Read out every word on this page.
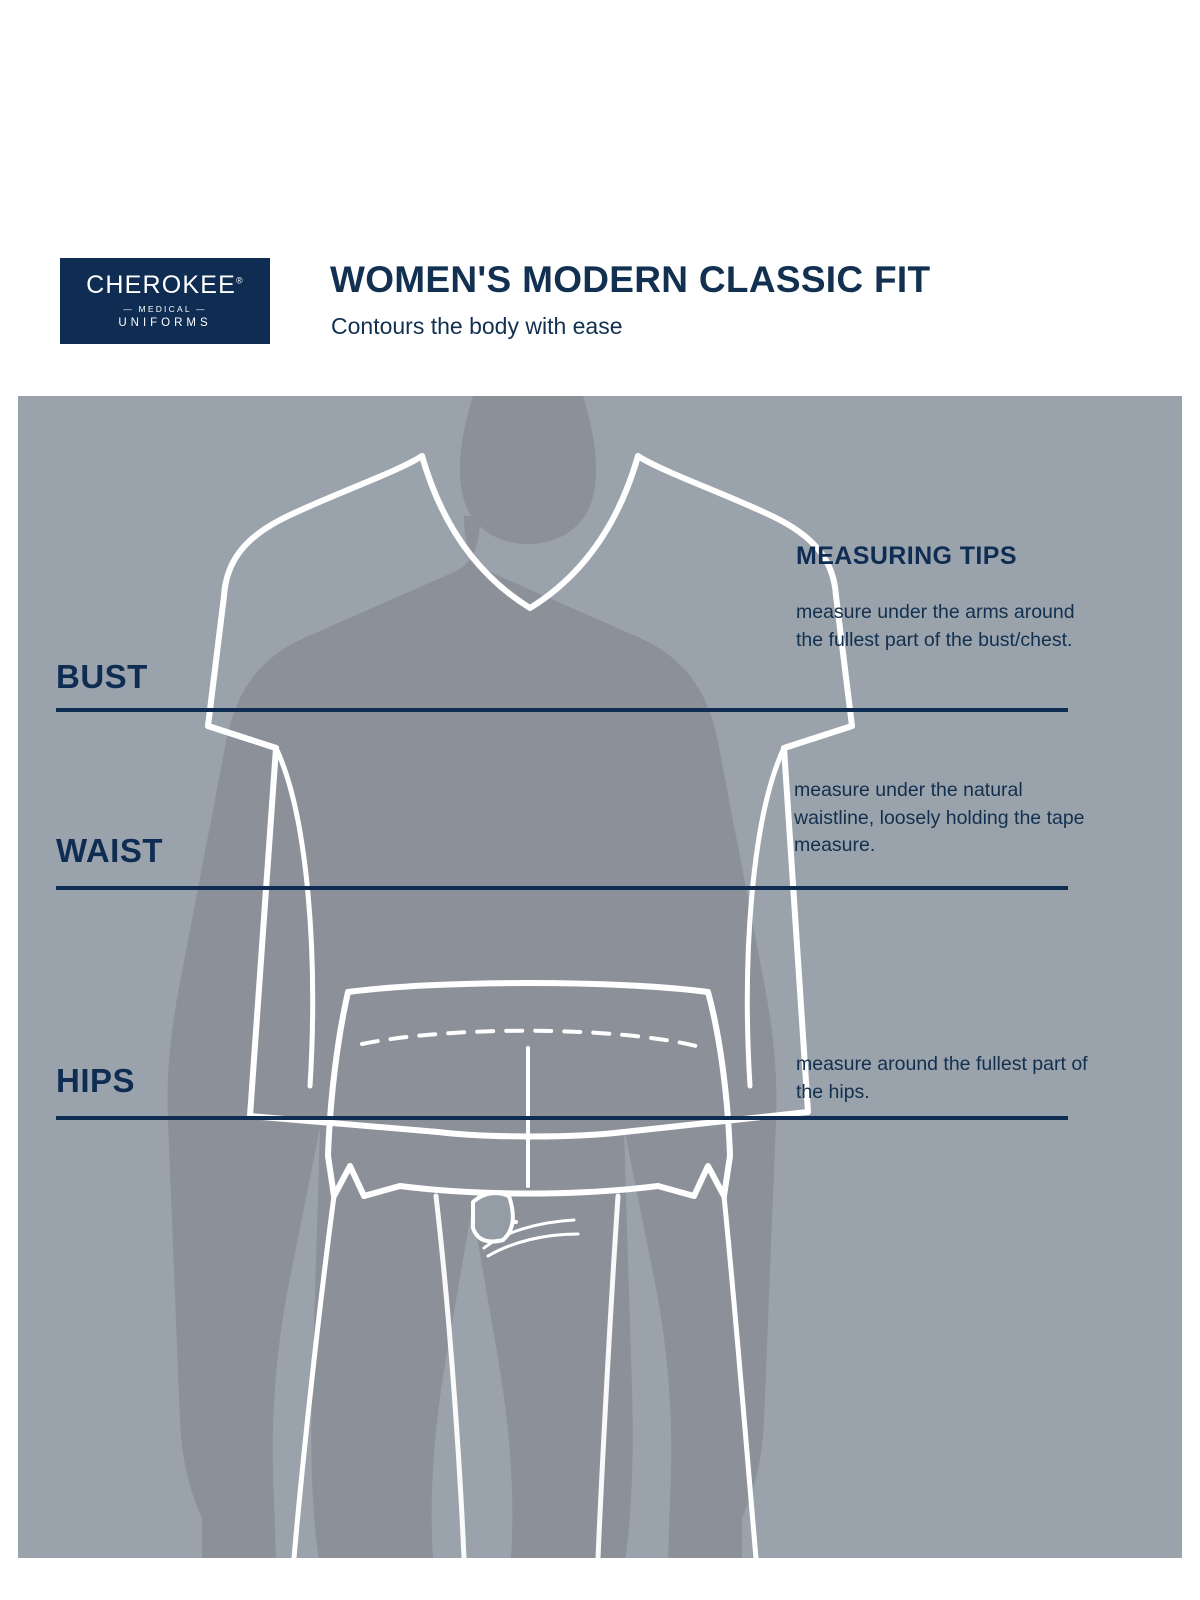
CHEROKEE®
— MEDICAL —
UNIFORMS
WOMEN'S MODERN CLASSIC FIT
Contours the body with ease
BUST
WAIST
HIPS
MEASURING TIPS
measure under the arms around the fullest part of the bust/chest.
measure under the natural waistline, loosely holding the tape measure.
measure around the fullest part of the hips.
